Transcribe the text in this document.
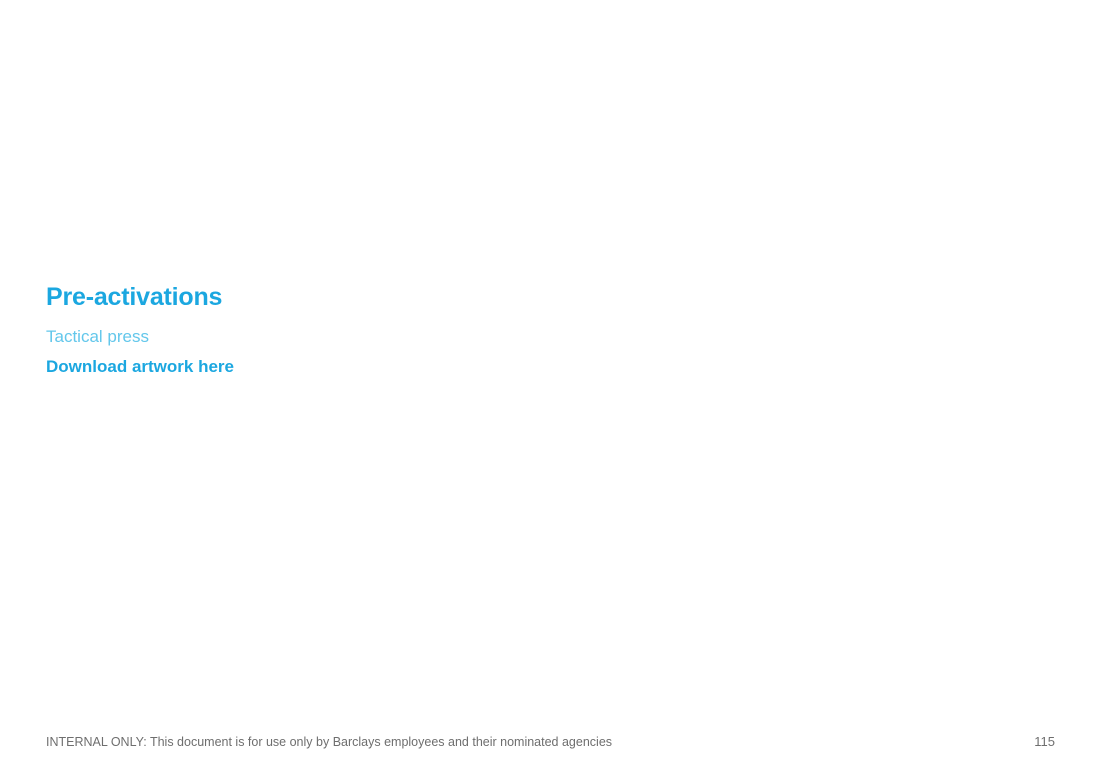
Pre-activations

Tactical press

Download artwork here
INTERNAL ONLY: This document is for use only by Barclays employees and their nominated agencies	115
